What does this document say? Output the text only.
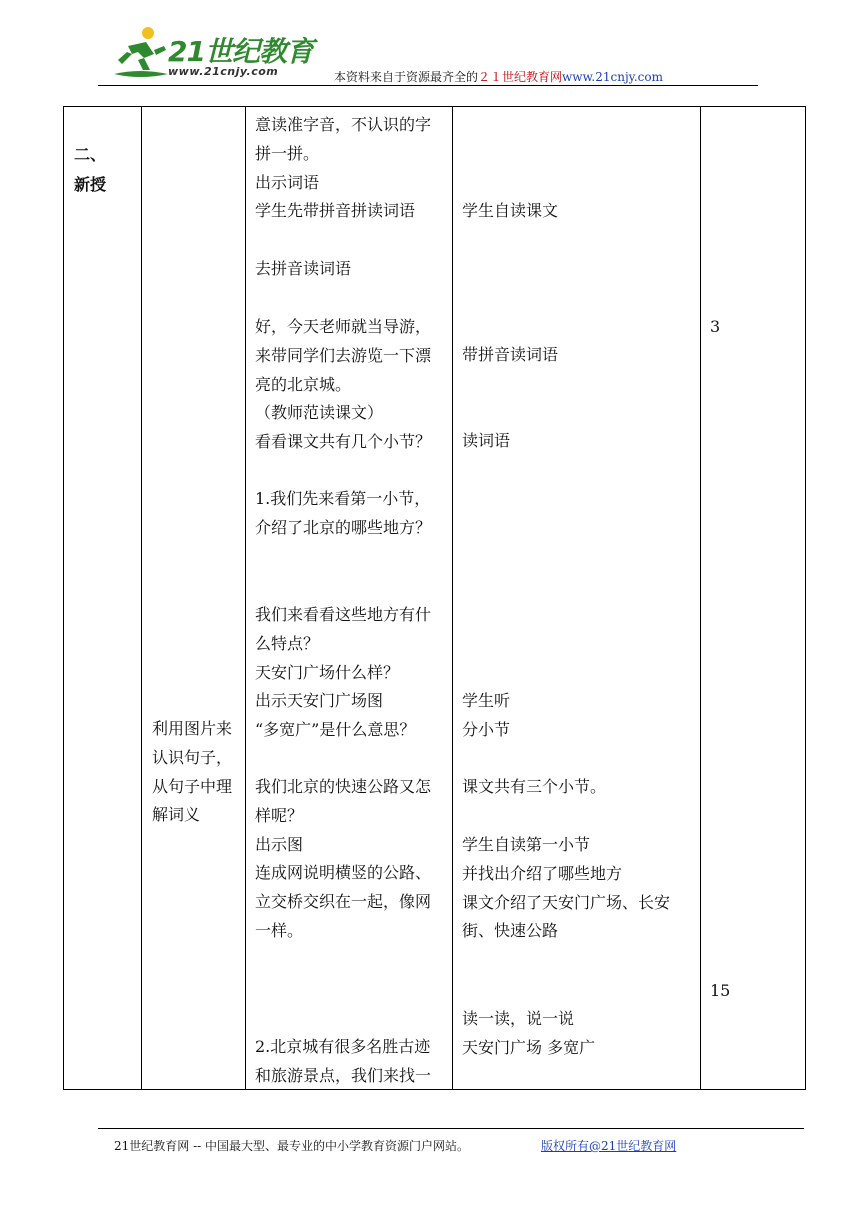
21世纪教育
www.21cnjy.com	本资料来自于资源最齐全的２１世纪教育网www.21cnjy.com
二、
新授

利用图片来
认识句子，
从句子中理
解词义

意读准字音，不认识的字
拼一拼。
出示词语
学生先带拼音拼读词语
去拼音读词语
好，今天老师就当导游，
来带同学们去游览一下漂
亮的北京城。
（教师范读课文）
看看课文共有几个小节？
1.我们先来看第一小节，
介绍了北京的哪些地方？
我们来看看这些地方有什
么特点？
天安门广场什么样？
出示天安门广场图
“多宽广”是什么意思？
我们北京的快速公路又怎
样呢？
出示图
连成网说明横竖的公路、
立交桥交织在一起，像网
一样。
2.北京城有很多名胜古迹
和旅游景点，我们来找一

学生自读课文
带拼音读词语
读词语
学生听
分小节
课文共有三个小节。
学生自读第一小节
并找出介绍了哪些地方
课文介绍了天安门广场、长安
街、快速公路
读一读，说一说
天安门广场 多宽广

3
15
21世纪教育网 -- 中国最大型、最专业的中小学教育资源门户网站。	版权所有@21世纪教育网
